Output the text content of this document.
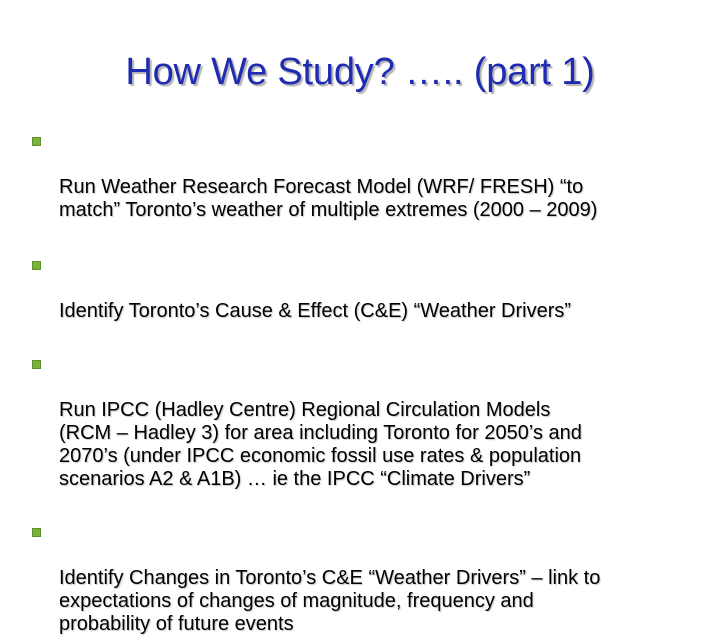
How We Study? ….. (part 1)

Run Weather Research Forecast Model (WRF/ FRESH) “to
match” Toronto’s weather of multiple extremes (2000 – 2009)

Identify Toronto’s Cause & Effect (C&E) “Weather Drivers”

Run IPCC (Hadley Centre) Regional Circulation Models
(RCM – Hadley 3) for area including Toronto for 2050’s and
2070’s (under IPCC economic fossil use rates & population
scenarios A2 & A1B) … ie the IPCC “Climate Drivers”

Identify Changes in Toronto’s C&E “Weather Drivers” – link to
expectations of changes of magnitude, frequency and
probability of future events
